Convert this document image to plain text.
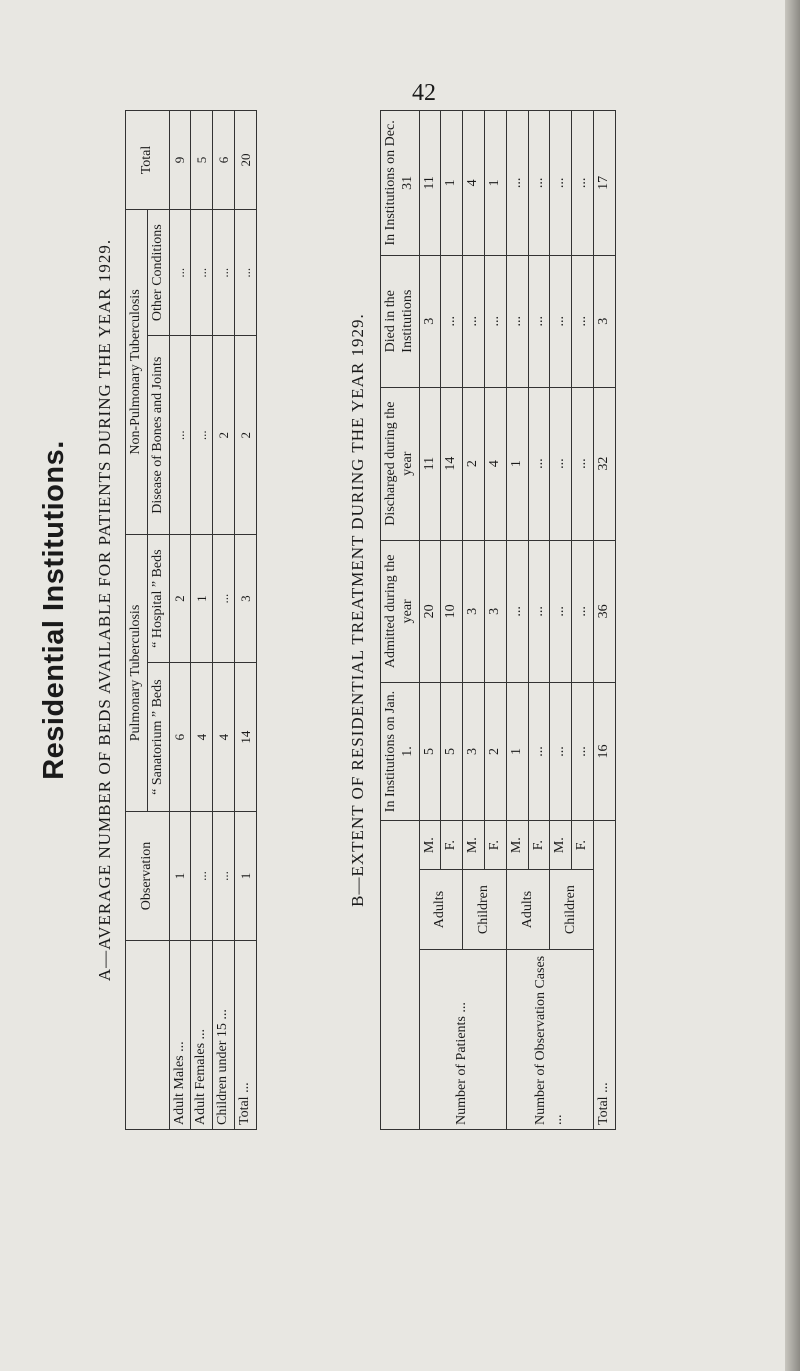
42
Residential Institutions. A—AVERAGE NUMBER OF BEDS AVAILABLE FOR PATIENTS DURING THE YEAR 1929.
	Observation	Pulmonary Tuberculosis		Non-Pulmonary Tuberculosis		Total
		“ Sanatorium ” Beds	“ Hospital ” Beds	Disease of Bones and Joints	Other Conditions	
Adult Males ...	1	6	2	...	...	9
Adult Females ...	...	4	1	...	...	5
Children under 15 ...	...	4	...	2	...	6
Total ...	1	14	3	2	...	20
B—EXTENT OF RESIDENTIAL TREATMENT DURING THE YEAR 1929.
			In Institutions on Jan. 1.	Admitted during the year	Discharged during the year	Died in the Institutions	In Institutions on Dec. 31
Number of Patients ...	Adults	M.	5	20	11	3	11
		F.	5	10	14	...	1
	Children	M.	3	3	2	...	4
		F.	2	3	4	...	1
Number of Observation Cases ...	Adults	M.	1	...	1	...	...
		F.	...	...	...	...	...
	Children	M.	...	...	...	...	...
		F.	...	...	...	...	...
Total ...			16	36	32	3	17
